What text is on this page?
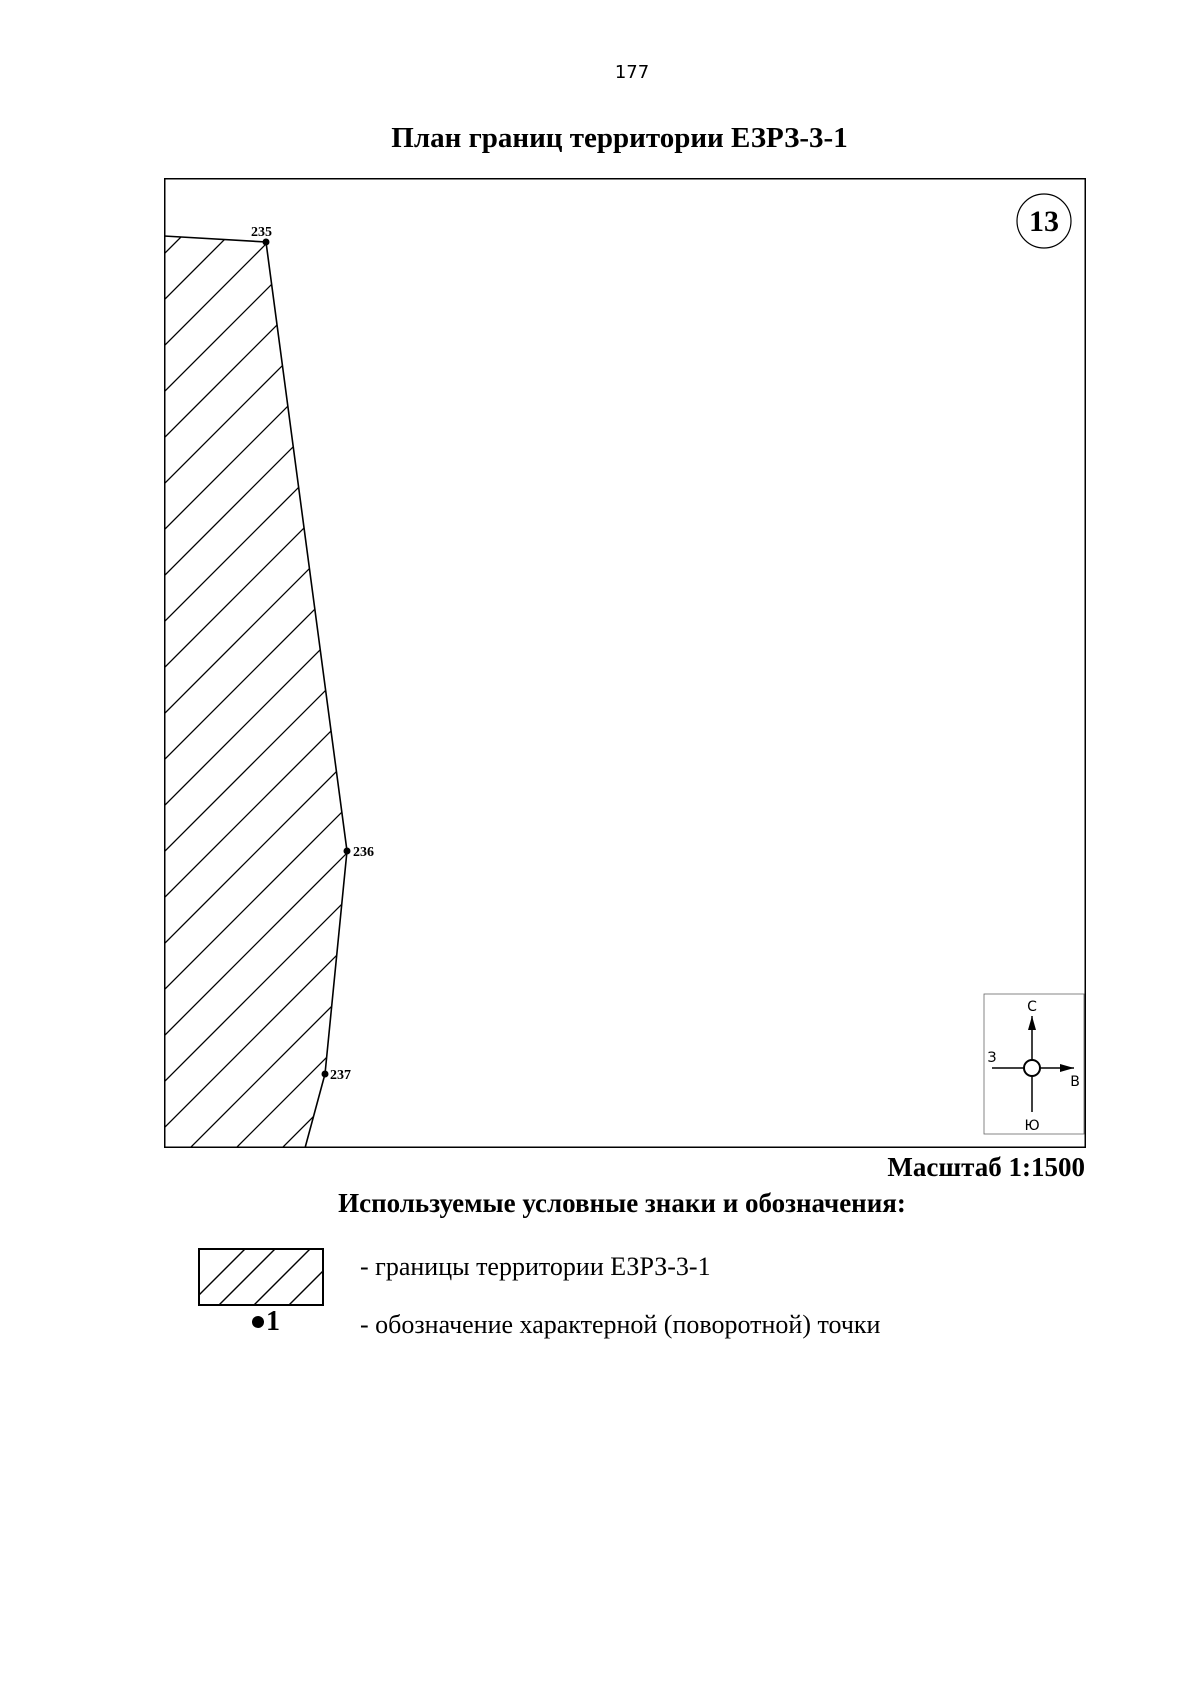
177
План границ территории ЕЗРЗ-3-1
235
236
237
13
С
Ю
З
В
Масштаб 1:1500
Используемые условные знаки и обозначения:
1
- границы территории ЕЗРЗ-3-1
- обозначение характерной (поворотной) точки
